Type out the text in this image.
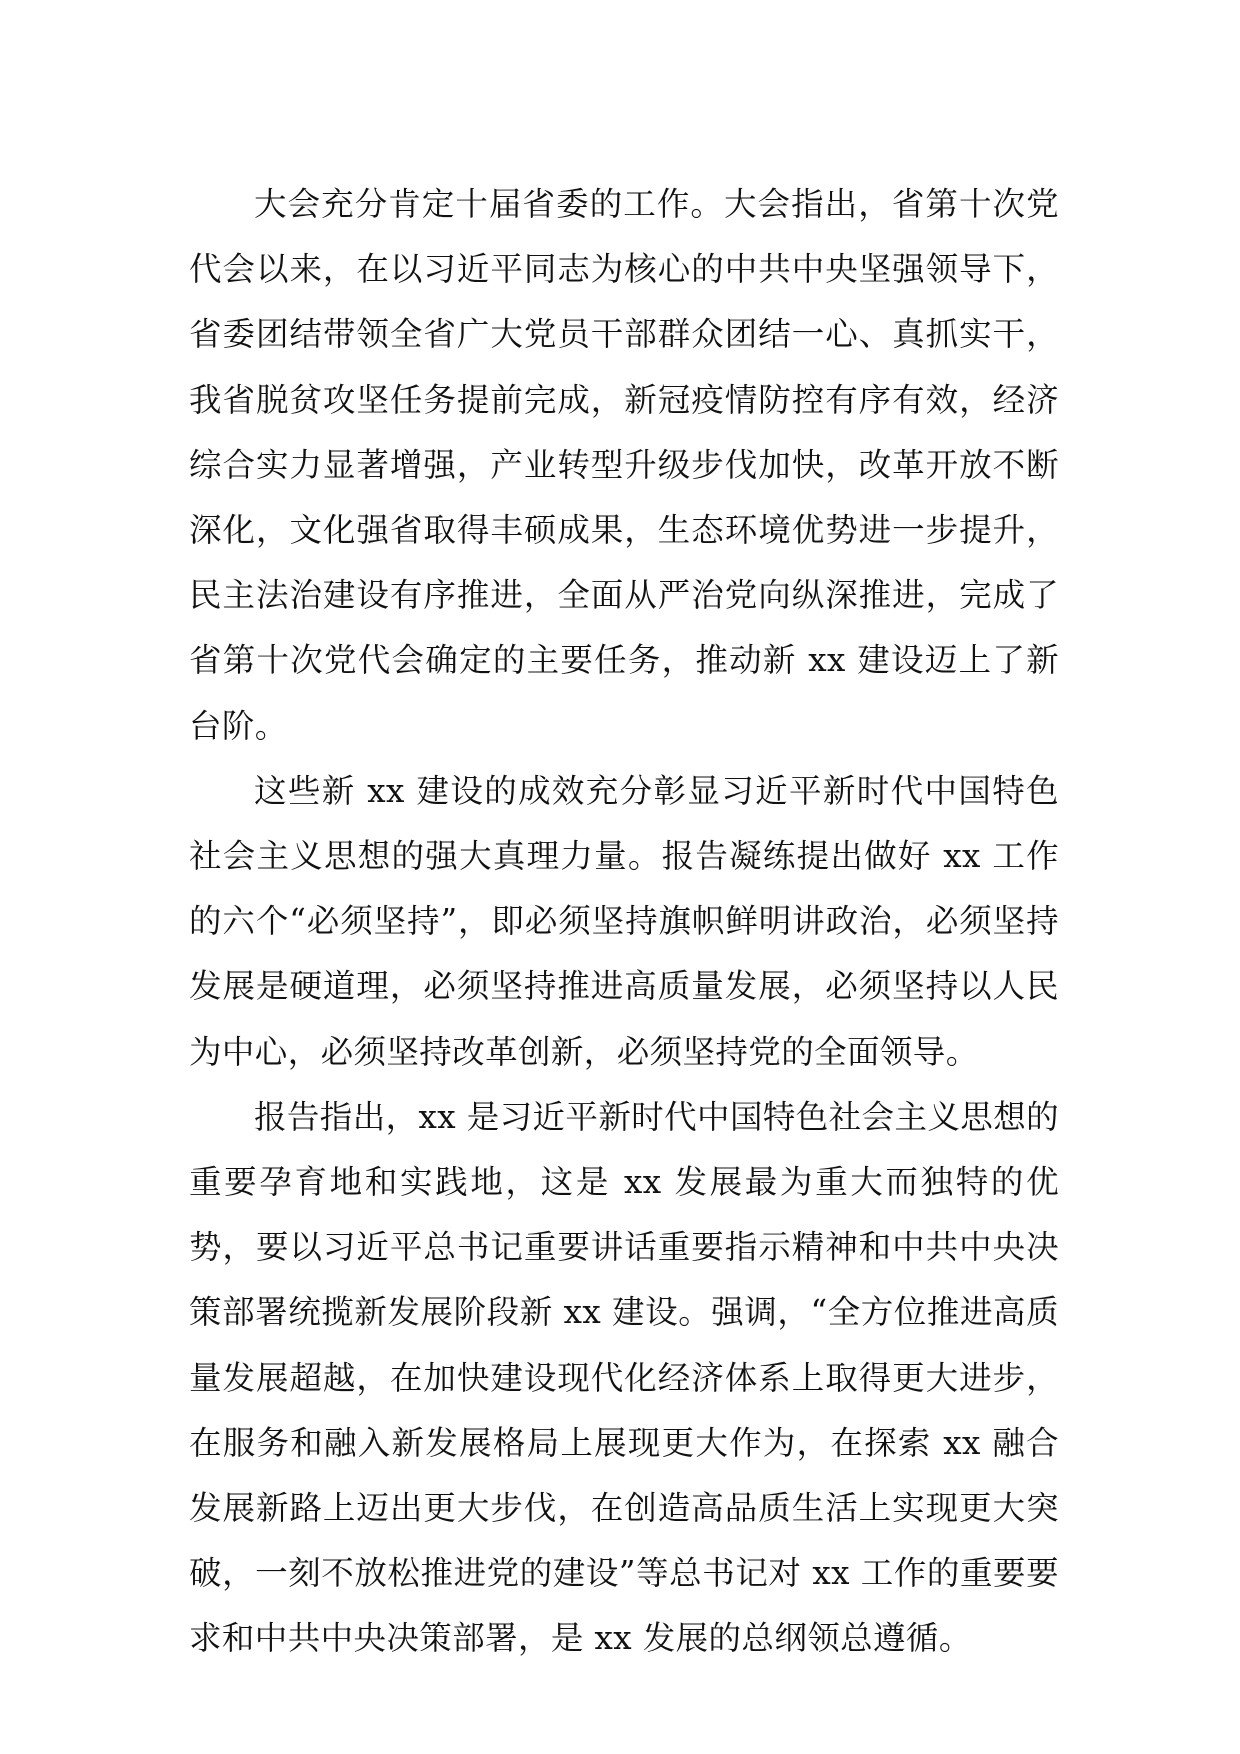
大会充分肯定十届省委的工作。大会指出，省第十次党代会以来，在以习近平同志为核心的中共中央坚强领导下，省委团结带领全省广大党员干部群众团结一心、真抓实干，我省脱贫攻坚任务提前完成，新冠疫情防控有序有效，经济综合实力显著增强，产业转型升级步伐加快，改革开放不断深化，文化强省取得丰硕成果，生态环境优势进一步提升，民主法治建设有序推进，全面从严治党向纵深推进，完成了省第十次党代会确定的主要任务，推动新 xx 建设迈上了新台阶。

这些新 xx 建设的成效充分彰显习近平新时代中国特色社会主义思想的强大真理力量。报告凝练提出做好 xx 工作的六个“必须坚持”，即必须坚持旗帜鲜明讲政治，必须坚持发展是硬道理，必须坚持推进高质量发展，必须坚持以人民为中心，必须坚持改革创新，必须坚持党的全面领导。

报告指出，xx 是习近平新时代中国特色社会主义思想的重要孕育地和实践地，这是 xx 发展最为重大而独特的优势，要以习近平总书记重要讲话重要指示精神和中共中央决策部署统揽新发展阶段新 xx 建设。强调，“全方位推进高质量发展超越，在加快建设现代化经济体系上取得更大进步，在服务和融入新发展格局上展现更大作为，在探索 xx 融合发展新路上迈出更大步伐，在创造高品质生活上实现更大突破，一刻不放松推进党的建设”等总书记对 xx 工作的重要要求和中共中央决策部署，是 xx 发展的总纲领总遵循。
